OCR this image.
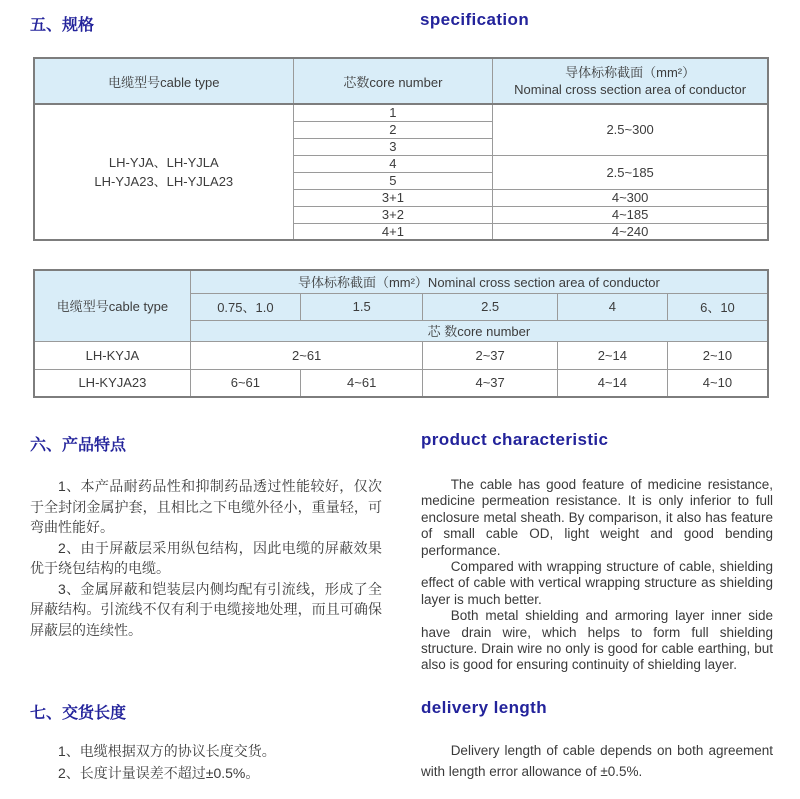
五、规格	specification
电缆型号cable type	芯数core number	导体标称截面（mm²）
Nominal cross section area of conductor

LH-YJA、LH-YJLA
LH-YJA23、LH-YJLA23	1	2.5~300
	2	
	3	
	4	2.5~185
	5	
	3+1	4~300
	3+2	4~185
	4+1	4~240
电缆型号cable type	导体标称截面（mm²）Nominal cross section area of conductor				
	0.75、1.0	1.5	2.5	4	6、10
	芯 数core number				
LH-KYJA	2~61		2~37	2~14	2~10
LH-KYJA23	6~61	4~61	4~37	4~14	4~10
六、产品特点	product characteristic

1、本产品耐药品性和抑制药品透过性能较好，仅次于全封闭金属护套，且相比之下电缆外径小，重量轻，可弯曲性能好。

2、由于屏蔽层采用纵包结构，因此电缆的屏蔽效果优于绕包结构的电缆。

3、金属屏蔽和铠装层内侧均配有引流线，形成了全屏蔽结构。引流线不仅有利于电缆接地处理，而且可确保屏蔽层的连续性。

The cable has good feature of medicine resistance, medicine permeation resistance. It is only inferior to full enclosure metal sheath. By comparison, it also has feature of small cable OD, light weight and good bending performance.

Compared with wrapping structure of cable, shielding effect of cable with vertical wrapping structure as shielding layer is much better.

Both metal shielding and armoring layer inner side have drain wire, which helps to form full shielding structure. Drain wire no only is good for cable earthing, but also is good for ensuring continuity of shielding layer.

七、交货长度	delivery length

1、电缆根据双方的协议长度交货。

2、长度计量误差不超过±0.5%。

Delivery length of cable depends on both agreement with length error allowance of ±0.5%.
